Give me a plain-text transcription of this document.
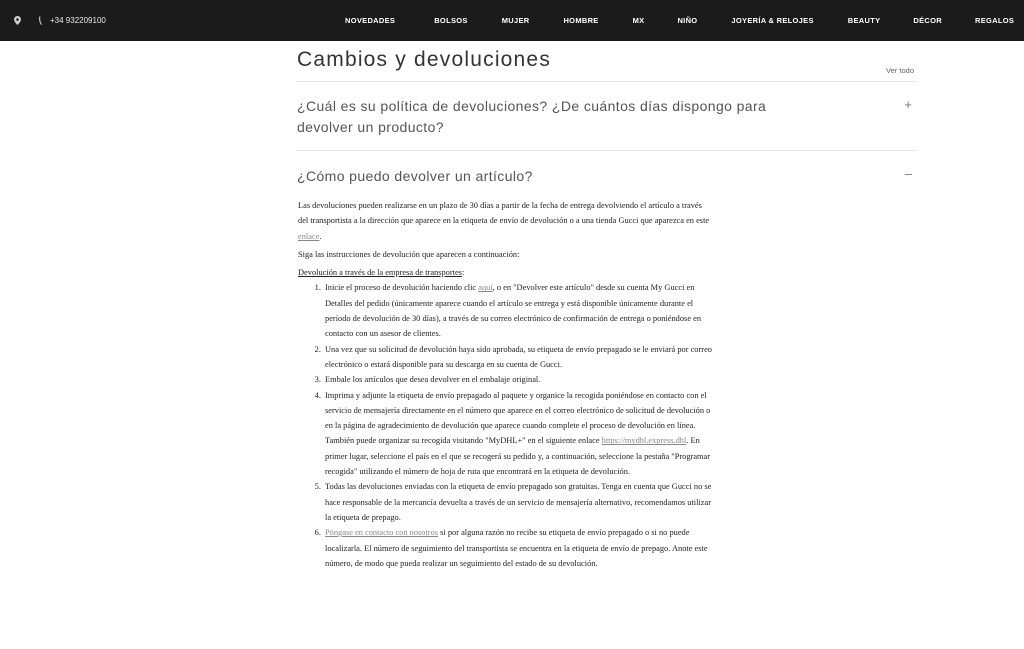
+34 932209100	NOVEDADES	BOLSOS	MUJER	HOMBRE	MX	NIÑO	JOYERÍA & RELOJES	BEAUTY	DÉCOR	REGALOS
Cambios y devoluciones	Ver todo
¿Cuál es su política de devoluciones? ¿De cuántos días dispongo para devolver un producto?
+
¿Cómo puedo devolver un artículo?	–

Las devoluciones pueden realizarse en un plazo de 30 días a partir de la fecha de entrega devolviendo el artículo a través del transportista a la dirección que aparece en la etiqueta de envío de devolución o a una tienda Gucci que aparezca en este enlace.

Siga las instrucciones de devolución que aparecen a continuación:

Devolución a través de la empresa de transportes:

1. Inicie el proceso de devolución haciendo clic aquí, o en "Devolver este artículo" desde su cuenta My Gucci en Detalles del pedido (únicamente aparece cuando el artículo se entrega y está disponible únicamente durante el período de devolución de 30 días), a través de su correo electrónico de confirmación de entrega o poniéndose en contacto con un asesor de clientes.
2. Una vez que su solicitud de devolución haya sido aprobada, su etiqueta de envío prepagado se le enviará por correo electrónico o estará disponible para su descarga en su cuenta de Gucci.
3. Embale los artículos que desea devolver en el embalaje original.
4. Imprima y adjunte la etiqueta de envío prepagado al paquete y organice la recogida poniéndose en contacto con el servicio de mensajería directamente en el número que aparece en el correo electrónico de solicitud de devolución o en la página de agradecimiento de devolución que aparece cuando complete el proceso de devolución en línea. También puede organizar su recogida visitando "MyDHL+" en el siguiente enlace https://mydhl.express.dhl. En primer lugar, seleccione el país en el que se recogerá su pedido y, a continuación, seleccione la pestaña "Programar recogida" utilizando el número de hoja de ruta que encontrará en la etiqueta de devolución.
5. Todas las devoluciones enviadas con la etiqueta de envío prepagado son gratuitas. Tenga en cuenta que Gucci no se hace responsable de la mercancía devuelta a través de un servicio de mensajería alternativo, recomendamos utilizar la etiqueta de prepago.
6. Póngase en contacto con nosotros si por alguna razón no recibe su etiqueta de envío prepagado o si no puede localizarla. El número de seguimiento del transportista se encuentra en la etiqueta de envío de prepago. Anote este número, de modo que pueda realizar un seguimiento del estado de su devolución.
